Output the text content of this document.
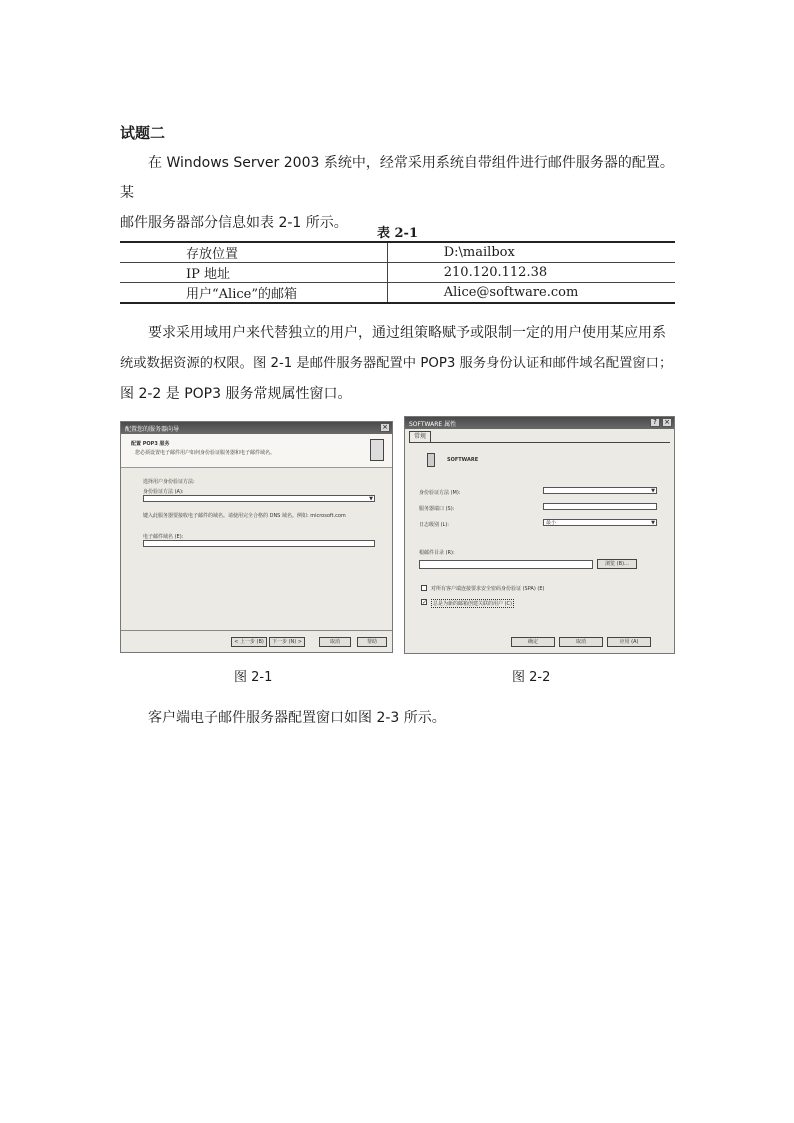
试题二
在 Windows Server 2003 系统中，经常采用系统自带组件进行邮件服务器的配置。某
邮件服务器部分信息如表 2-1 所示。
表 2-1
存放位置	D:\mailbox
IP 地址	210.120.112.38
用户“Alice”的邮箱	Alice@software.com
要求采用域用户来代替独立的用户，通过组策略赋予或限制一定的用户使用某应用系
统或数据资源的权限。图 2-1 是邮件服务器配置中 POP3 服务身份认证和邮件域名配置窗口；
图 2-2 是 POP3 服务常规属性窗口。
配置您的服务器向导	×
配置 POP3 服务
您必须设置电子邮件用户如何身份验证服务器和电子邮件域名。
选择用户身份验证方法:
身份验证方法 (A):
▼
键入此服务器要接收电子邮件的域名。请使用完全合格的 DNS 域名。例如: microsoft.com
电子邮件域名 (E):
< 上一步 (B)	下一步 (N) >	取消	帮助
图 2-1
SOFTWARE 属性	?	×
常规
SOFTWARE
身份验证方法 (M):	▼
服务器端口 (S):
日志级别 (L):	最小	▼
根邮件目录 (R):
浏览 (B)...
对所有客户端连接要求安全密码身份验证 (SPA) (E)
✓	总是为新的邮箱创建关联的用户 (C)
确定	取消	应用 (A)
图 2-2
客户端电子邮件服务器配置窗口如图 2-3 所示。
